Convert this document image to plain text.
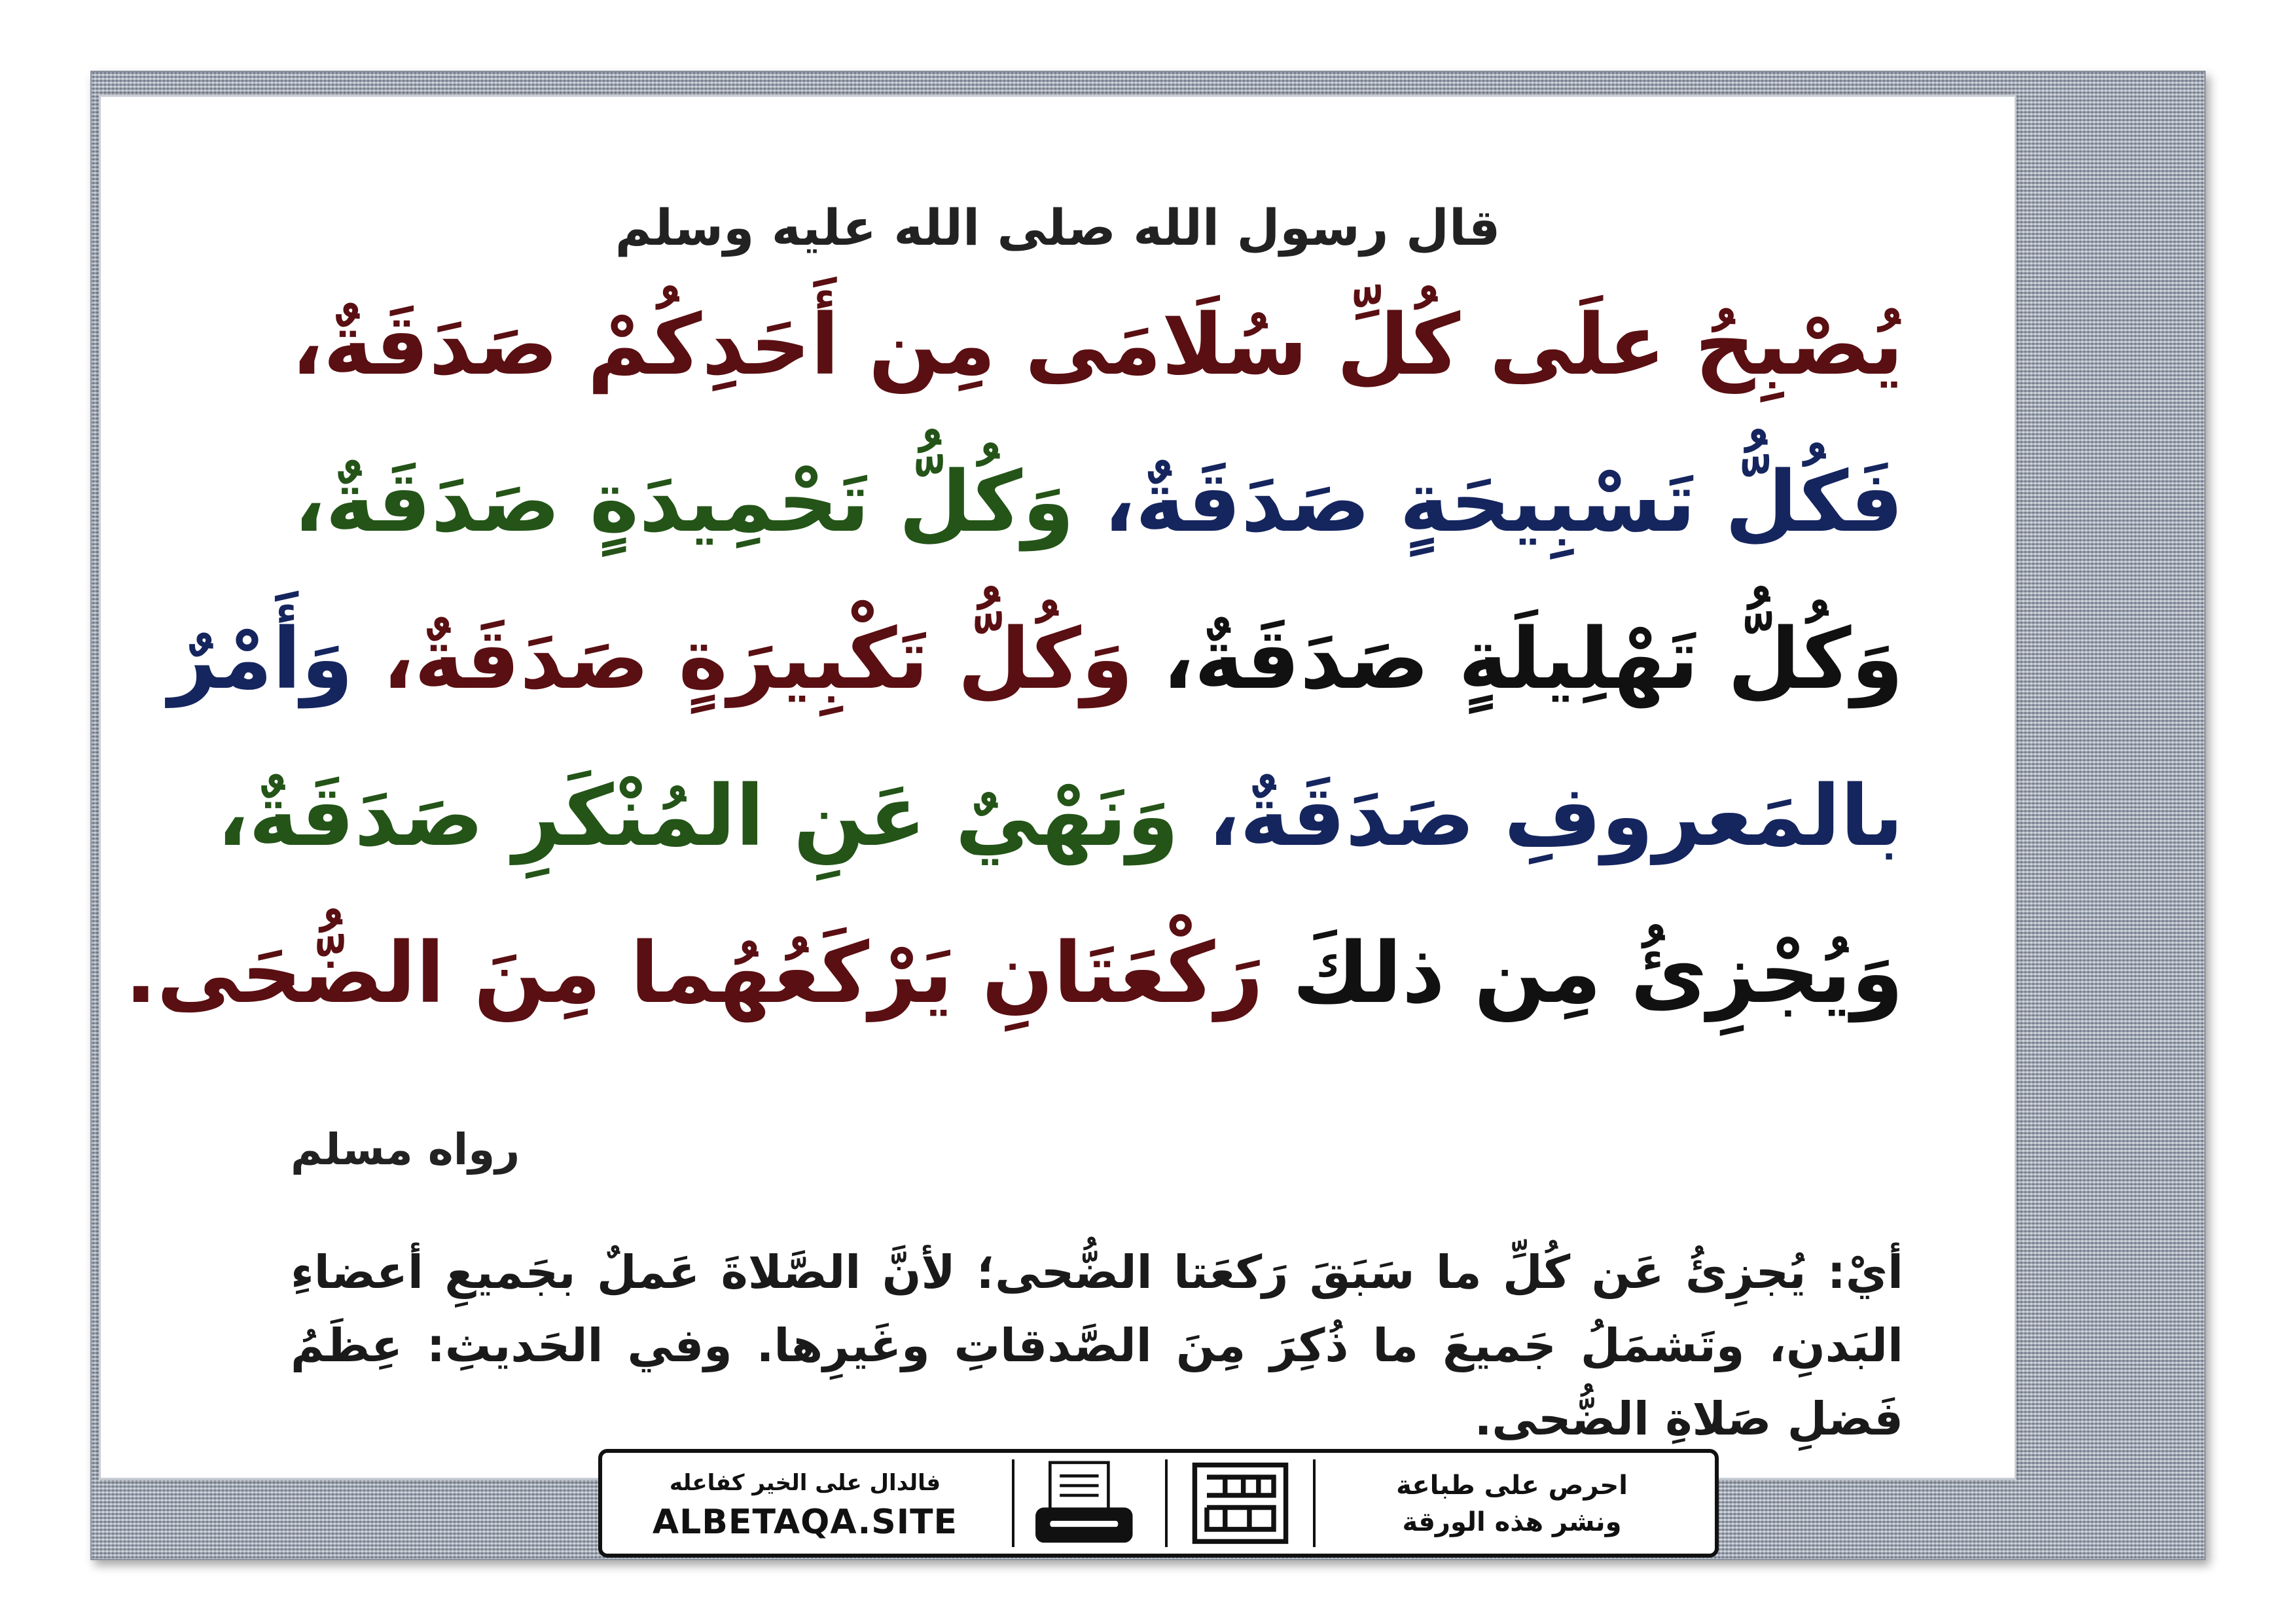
قال رسول الله صلى الله عليه وسلم
يُصْبِحُ علَى كُلِّ سُلَامَى مِن أَحَدِكُمْ صَدَقَةٌ،
فَكُلُّ تَسْبِيحَةٍ صَدَقَةٌ، وَكُلُّ تَحْمِيدَةٍ صَدَقَةٌ،
وَكُلُّ تَهْلِيلَةٍ صَدَقَةٌ، وَكُلُّ تَكْبِيرَةٍ صَدَقَةٌ، وَأَمْرٌ
بالمَعروفِ صَدَقَةٌ، وَنَهْيٌ عَنِ المُنْكَرِ صَدَقَةٌ،
وَيُجْزِئُ مِن ذلكَ رَكْعَتَانِ يَرْكَعُهُما مِنَ الضُّحَى.
رواه مسلم
أيْ: يُجزِئُ عَن كُلِّ ما سَبَقَ رَكعَتا الضُّحى؛ لأنَّ الصَّلاةَ عَملٌ بجَميعِ أعضاءِ البَدنِ، وتَشمَلُ جَميعَ ما ذُكِرَ مِنَ الصَّدقاتِ وغَيرِها. وفي الحَديثِ: عِظَمُ فَضلِ صَلاةِ الضُّحى.
فالدال على الخير كفاعله
ALBETAQA.SITE
احرص على طباعة
ونشر هذه الورقة
